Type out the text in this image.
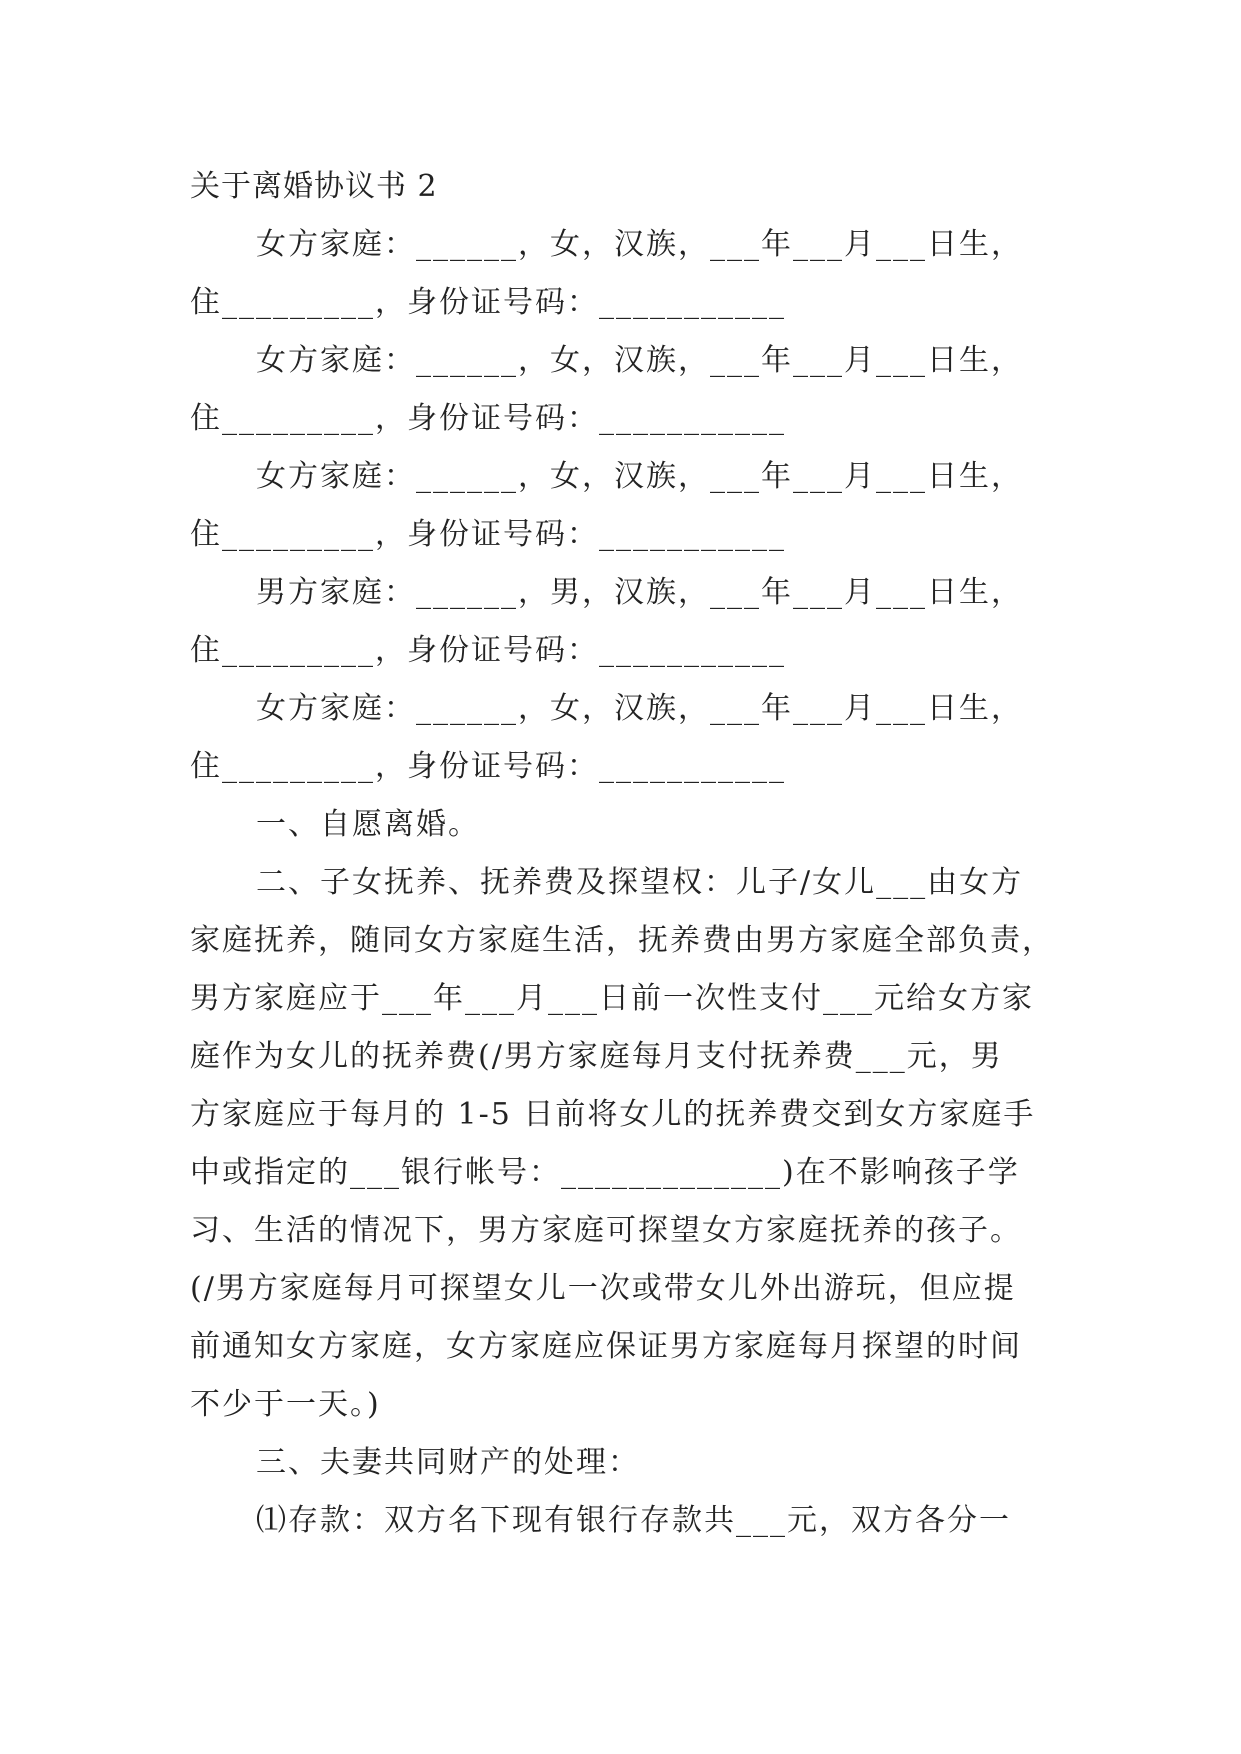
关于离婚协议书 2
女方家庭：______，女，汉族，___年___月___日生，
住_________，身份证号码：___________
女方家庭：______，女，汉族，___年___月___日生，
住_________，身份证号码：___________
女方家庭：______，女，汉族，___年___月___日生，
住_________，身份证号码：___________
男方家庭：______，男，汉族，___年___月___日生，
住_________，身份证号码：___________
女方家庭：______，女，汉族，___年___月___日生，
住_________，身份证号码：___________
一、自愿离婚。
二、子女抚养、抚养费及探望权：儿子/女儿___由女方
家庭抚养，随同女方家庭生活，抚养费由男方家庭全部负责，
男方家庭应于___年___月___日前一次性支付___元给女方家
庭作为女儿的抚养费(/男方家庭每月支付抚养费___元，男
方家庭应于每月的 1-5 日前将女儿的抚养费交到女方家庭手
中或指定的___银行帐号：_____________)在不影响孩子学
习、生活的情况下，男方家庭可探望女方家庭抚养的孩子。
(/男方家庭每月可探望女儿一次或带女儿外出游玩，但应提
前通知女方家庭，女方家庭应保证男方家庭每月探望的时间
不少于一天。)
三、夫妻共同财产的处理：
⑴存款：双方名下现有银行存款共___元，双方各分一
